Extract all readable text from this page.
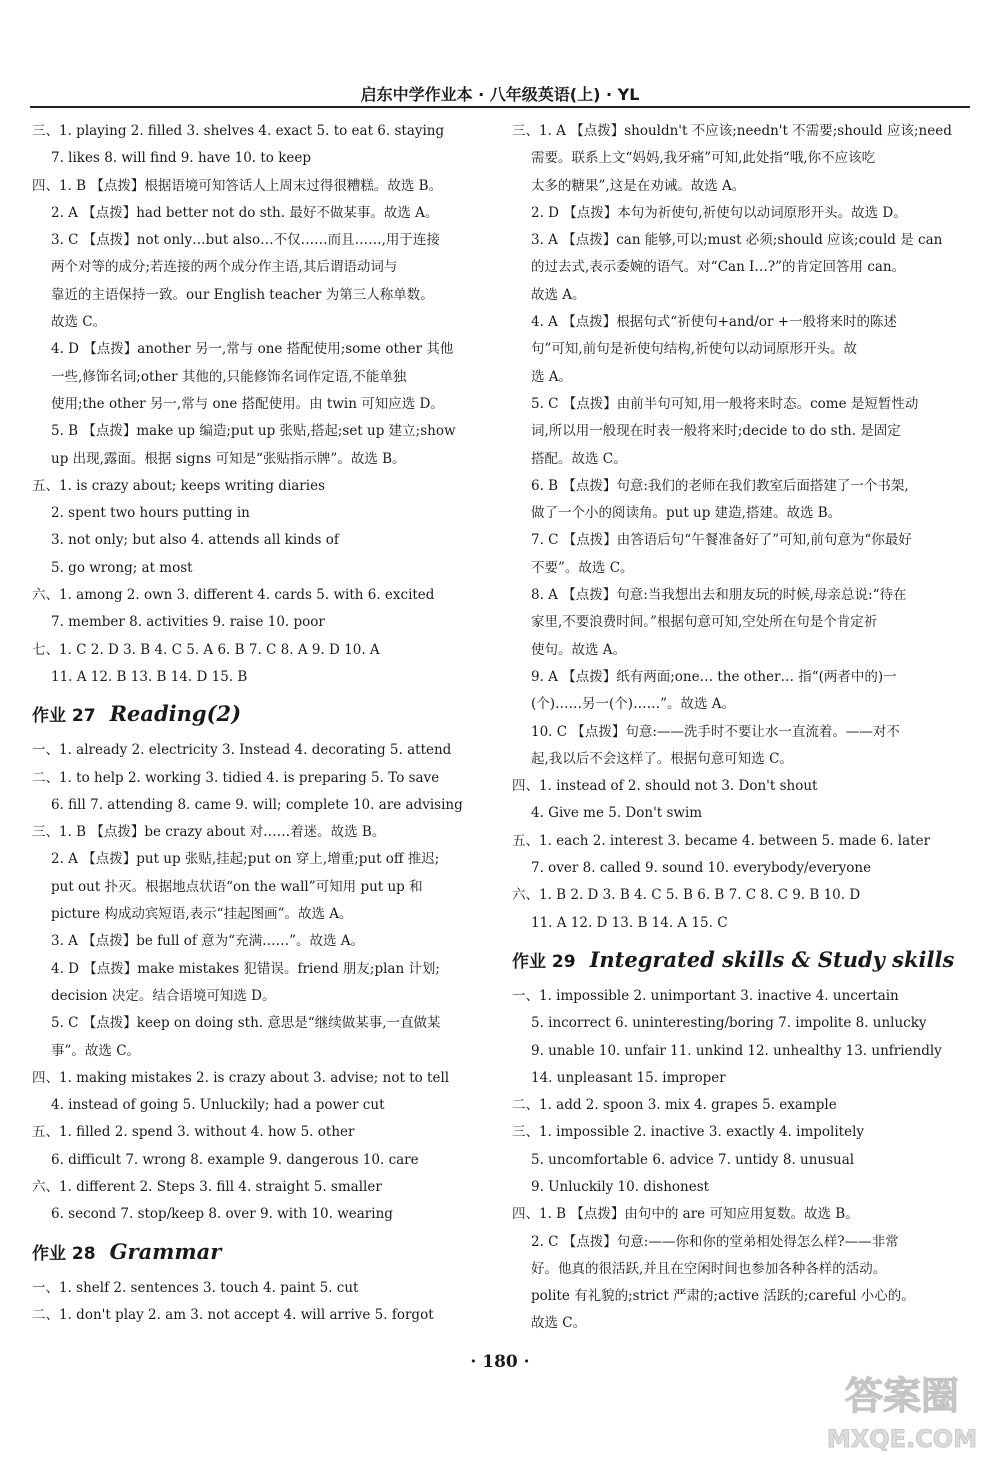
启东中学作业本 · 八年级英语(上) · YL
三、1. playing 2. filled 3. shelves 4. exact 5. to eat 6. staying
7. likes 8. will find 9. have 10. to keep
四、1. B 【点拨】根据语境可知答话人上周末过得很糟糕。故选 B。
2. A 【点拨】had better not do sth. 最好不做某事。故选 A。
3. C 【点拨】not only…but also…不仅……而且……,用于连接
两个对等的成分;若连接的两个成分作主语,其后谓语动词与
靠近的主语保持一致。our English teacher 为第三人称单数。
故选 C。
4. D 【点拨】another 另一,常与 one 搭配使用;some other 其他
一些,修饰名词;other 其他的,只能修饰名词作定语,不能单独
使用;the other 另一,常与 one 搭配使用。由 twin 可知应选 D。
5. B 【点拨】make up 编造;put up 张贴,搭起;set up 建立;show
up 出现,露面。根据 signs 可知是“张贴指示牌”。故选 B。
五、1. is crazy about; keeps writing diaries
2. spent two hours putting in
3. not only; but also 4. attends all kinds of
5. go wrong; at most
六、1. among 2. own 3. different 4. cards 5. with 6. excited
7. member 8. activities 9. raise 10. poor
七、1. C 2. D 3. B 4. C 5. A 6. B 7. C 8. A 9. D 10. A
11. A 12. B 13. B 14. D 15. B
作业 27 Reading(2)
一、1. already 2. electricity 3. Instead 4. decorating 5. attend
二、1. to help 2. working 3. tidied 4. is preparing 5. To save
6. fill 7. attending 8. came 9. will; complete 10. are advising
三、1. B 【点拨】be crazy about 对……着迷。故选 B。
2. A 【点拨】put up 张贴,挂起;put on 穿上,增重;put off 推迟;
put out 扑灭。根据地点状语“on the wall”可知用 put up 和
picture 构成动宾短语,表示“挂起图画”。故选 A。
3. A 【点拨】be full of 意为“充满……”。故选 A。
4. D 【点拨】make mistakes 犯错误。friend 朋友;plan 计划;
decision 决定。结合语境可知选 D。
5. C 【点拨】keep on doing sth. 意思是“继续做某事,一直做某
事”。故选 C。
四、1. making mistakes 2. is crazy about 3. advise; not to tell
4. instead of going 5. Unluckily; had a power cut
五、1. filled 2. spend 3. without 4. how 5. other
6. difficult 7. wrong 8. example 9. dangerous 10. care
六、1. different 2. Steps 3. fill 4. straight 5. smaller
6. second 7. stop/keep 8. over 9. with 10. wearing
作业 28 Grammar
一、1. shelf 2. sentences 3. touch 4. paint 5. cut
二、1. don't play 2. am 3. not accept 4. will arrive 5. forgot
三、1. A 【点拨】shouldn't 不应该;needn't 不需要;should 应该;need
需要。联系上文“妈妈,我牙痛”可知,此处指“哦,你不应该吃
太多的糖果”,这是在劝诫。故选 A。
2. D 【点拨】本句为祈使句,祈使句以动词原形开头。故选 D。
3. A 【点拨】can 能够,可以;must 必须;should 应该;could 是 can
的过去式,表示委婉的语气。对“Can I…?”的肯定回答用 can。
故选 A。
4. A 【点拨】根据句式“祈使句+and/or +一般将来时的陈述
句”可知,前句是祈使句结构,祈使句以动词原形开头。故
选 A。
5. C 【点拨】由前半句可知,用一般将来时态。come 是短暂性动
词,所以用一般现在时表一般将来时;decide to do sth. 是固定
搭配。故选 C。
6. B 【点拨】句意:我们的老师在我们教室后面搭建了一个书架,
做了一个小的阅读角。put up 建造,搭建。故选 B。
7. C 【点拨】由答语后句“午餐准备好了”可知,前句意为“你最好
不要”。故选 C。
8. A 【点拨】句意:当我想出去和朋友玩的时候,母亲总说:“待在
家里,不要浪费时间。”根据句意可知,空处所在句是个肯定祈
使句。故选 A。
9. A 【点拨】纸有两面;one… the other… 指“(两者中的)一
(个)……另一(个)……”。故选 A。
10. C 【点拨】句意:——洗手时不要让水一直流着。——对不
起,我以后不会这样了。根据句意可知选 C。
四、1. instead of 2. should not 3. Don't shout
4. Give me 5. Don't swim
五、1. each 2. interest 3. became 4. between 5. made 6. later
7. over 8. called 9. sound 10. everybody/everyone
六、1. B 2. D 3. B 4. C 5. B 6. B 7. C 8. C 9. B 10. D
11. A 12. D 13. B 14. A 15. C
作业 29 Integrated skills & Study skills
一、1. impossible 2. unimportant 3. inactive 4. uncertain
5. incorrect 6. uninteresting/boring 7. impolite 8. unlucky
9. unable 10. unfair 11. unkind 12. unhealthy 13. unfriendly
14. unpleasant 15. improper
二、1. add 2. spoon 3. mix 4. grapes 5. example
三、1. impossible 2. inactive 3. exactly 4. impolitely
5. uncomfortable 6. advice 7. untidy 8. unusual
9. Unluckily 10. dishonest
四、1. B 【点拨】由句中的 are 可知应用复数。故选 B。
2. C 【点拨】句意:——你和你的堂弟相处得怎么样?——非常
好。他真的很活跃,并且在空闲时间也参加各种各样的活动。
polite 有礼貌的;strict 严肃的;active 活跃的;careful 小心的。
故选 C。
· 180 ·
答案圈
MXQE.COM
